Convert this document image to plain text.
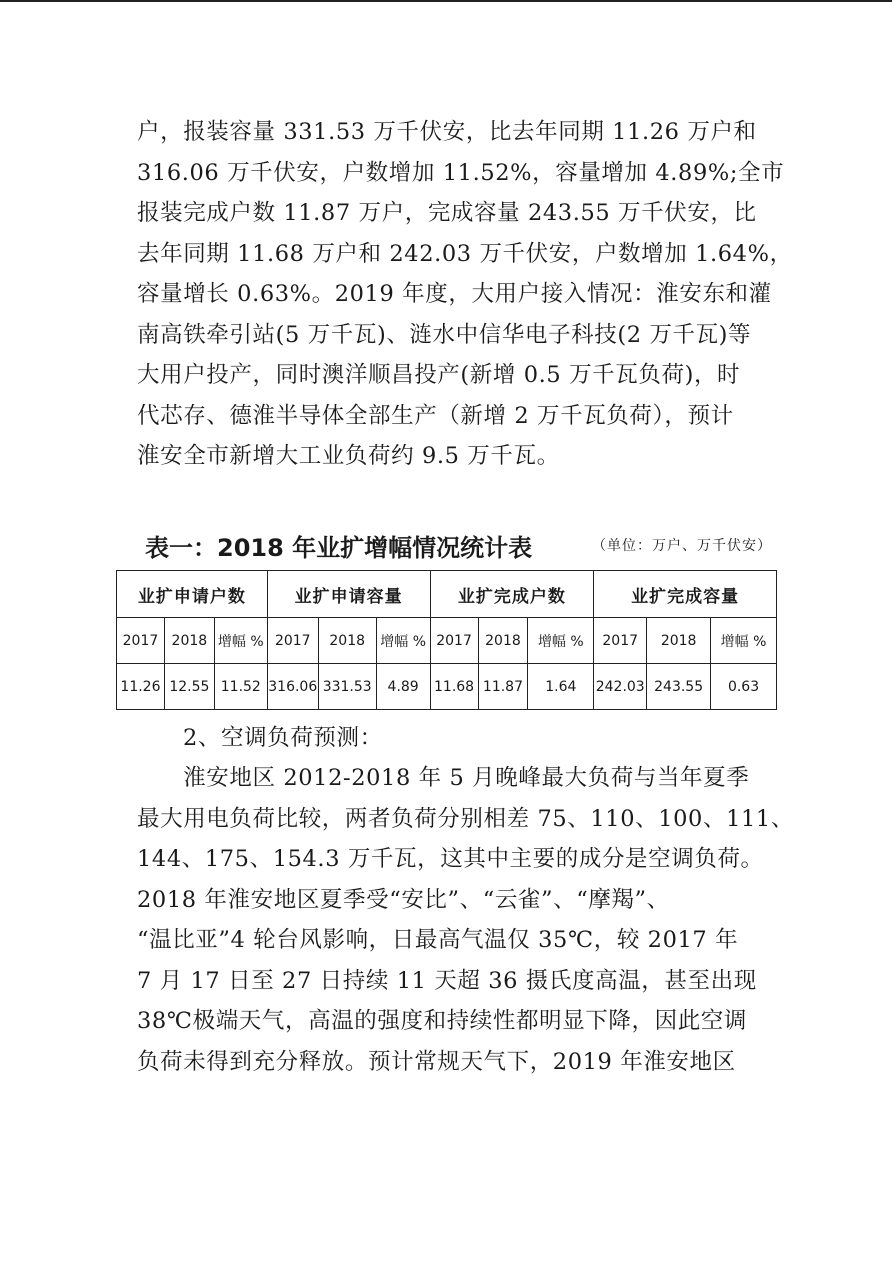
户，报装容量 331.53 万千伏安，比去年同期 11.26 万户和

316.06 万千伏安，户数增加 11.52%，容量增加 4.89%;全市

报装完成户数 11.87 万户，完成容量 243.55 万千伏安，比

去年同期 11.68 万户和 242.03 万千伏安，户数增加 1.64%，

容量增长 0.63%。2019 年度，大用户接入情况：淮安东和灌

南高铁牵引站(5 万千瓦)、涟水中信华电子科技(2 万千瓦)等

大用户投产，同时澳洋顺昌投产(新增 0.5 万千瓦负荷)，时

代芯存、德淮半导体全部生产（新增 2 万千瓦负荷），预计

淮安全市新增大工业负荷约 9.5 万千瓦。

表一：2018 年业扩增幅情况统计表	（单位：万户、万千伏安）
业扩申请户数			业扩申请容量			业扩完成户数			业扩完成容量		
2017	2018	增幅 %	2017	2018	增幅 %	2017	2018	增幅 %	2017	2018	增幅 %
11.26	12.55	11.52	316.06	331.53	4.89	11.68	11.87	1.64	242.03	243.55	0.63
2、空调负荷预测：

　　淮安地区 2012-2018 年 5 月晚峰最大负荷与当年夏季

最大用电负荷比较，两者负荷分别相差 75、110、100、111、

144、175、154.3 万千瓦，这其中主要的成分是空调负荷。

2018 年淮安地区夏季受“安比”、“云雀”、“摩羯”、

“温比亚”4 轮台风影响，日最高气温仅 35℃，较 2017 年

7 月 17 日至 27 日持续 11 天超 36 摄氏度高温，甚至出现

38℃极端天气，高温的强度和持续性都明显下降，因此空调

负荷未得到充分释放。预计常规天气下，2019 年淮安地区
